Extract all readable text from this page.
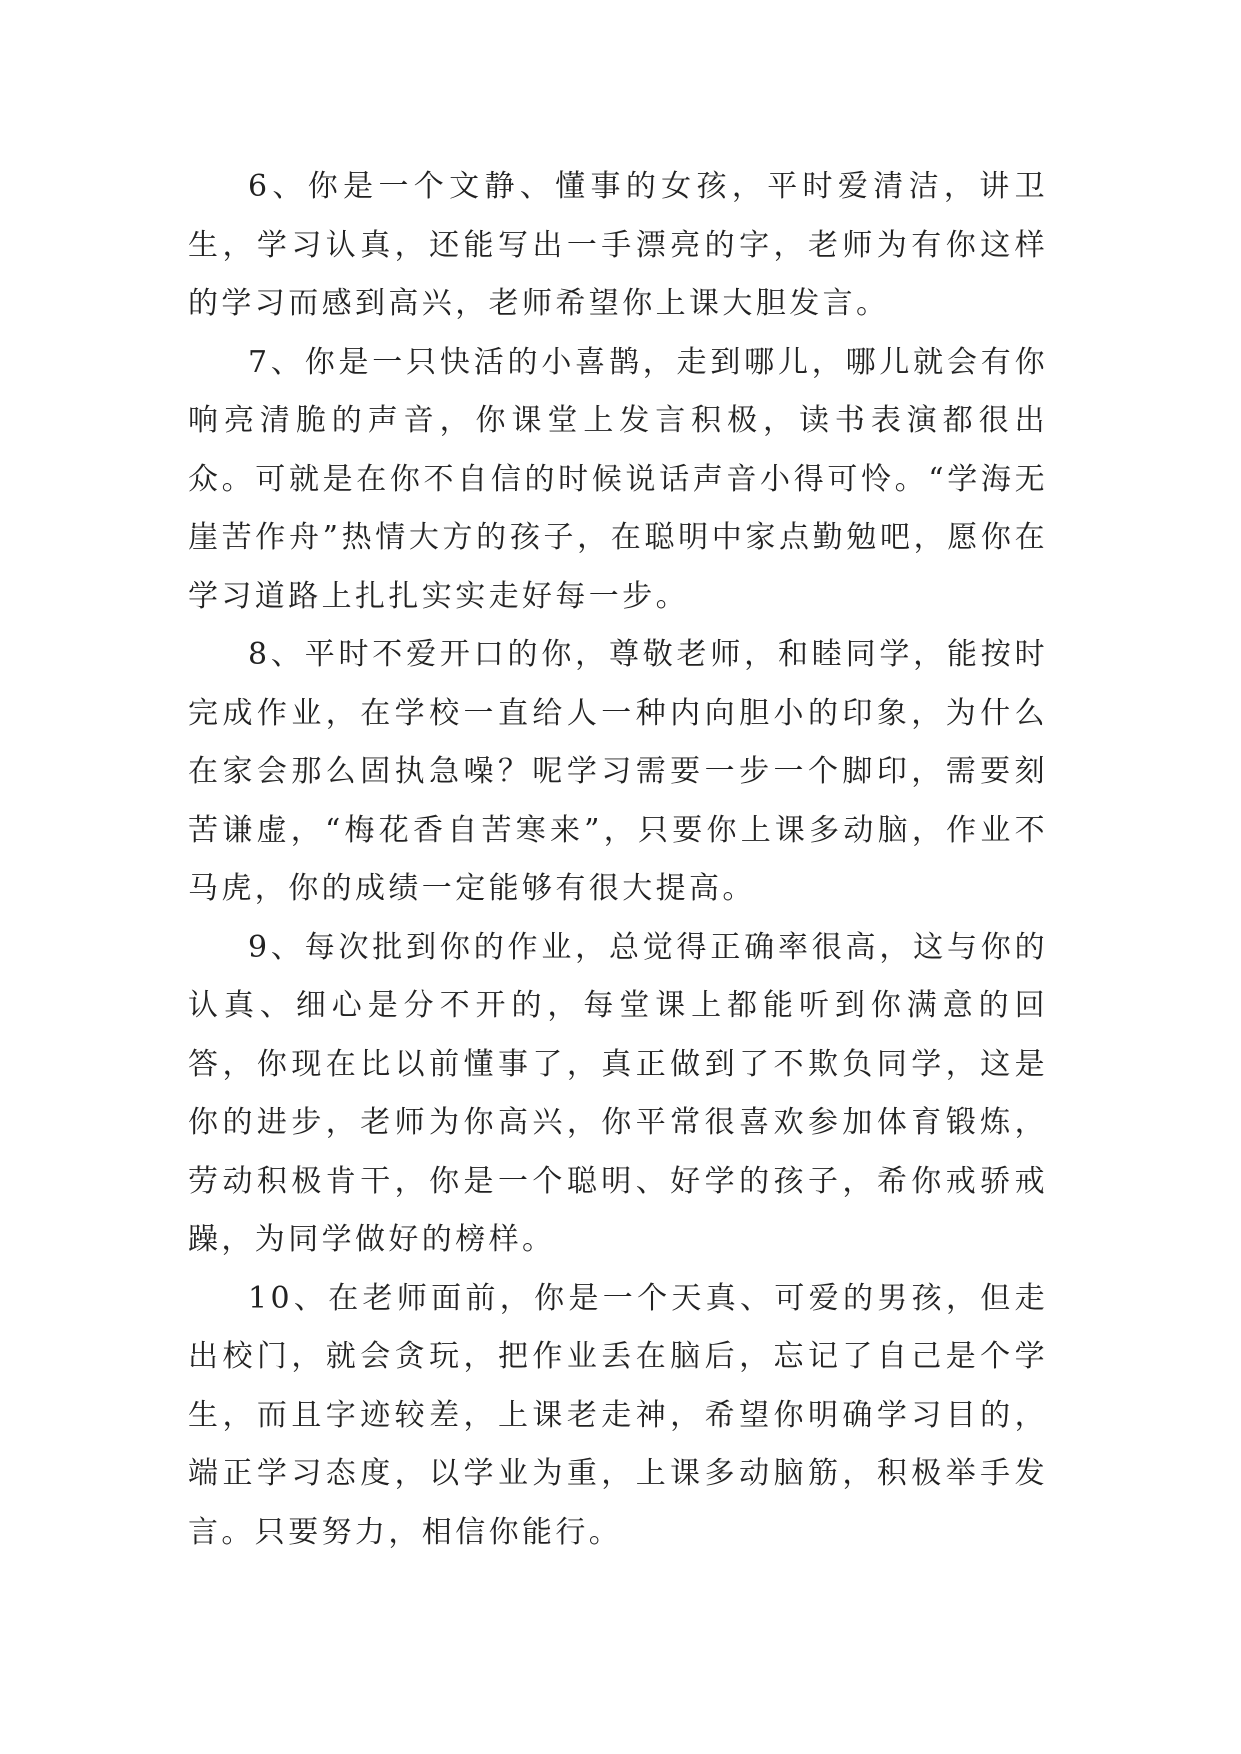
6、你是一个文静、懂事的女孩，平时爱清洁，讲卫生，学习认真，还能写出一手漂亮的字，老师为有你这样的学习而感到高兴，老师希望你上课大胆发言。

7、你是一只快活的小喜鹊，走到哪儿，哪儿就会有你响亮清脆的声音，你课堂上发言积极，读书表演都很出众。可就是在你不自信的时候说话声音小得可怜。“学海无崖苦作舟”热情大方的孩子，在聪明中家点勤勉吧，愿你在学习道路上扎扎实实走好每一步。

8、平时不爱开口的你，尊敬老师，和睦同学，能按时完成作业，在学校一直给人一种内向胆小的印象，为什么在家会那么固执急噪？呢学习需要一步一个脚印，需要刻苦谦虚，“梅花香自苦寒来”，只要你上课多动脑，作业不马虎，你的成绩一定能够有很大提高。

9、每次批到你的作业，总觉得正确率很高，这与你的认真、细心是分不开的，每堂课上都能听到你满意的回答，你现在比以前懂事了，真正做到了不欺负同学，这是你的进步，老师为你高兴，你平常很喜欢参加体育锻炼，劳动积极肯干，你是一个聪明、好学的孩子，希你戒骄戒躁，为同学做好的榜样。

10、在老师面前，你是一个天真、可爱的男孩，但走出校门，就会贪玩，把作业丢在脑后，忘记了自己是个学生，而且字迹较差，上课老走神，希望你明确学习目的，端正学习态度，以学业为重，上课多动脑筋，积极举手发言。只要努力，相信你能行。
